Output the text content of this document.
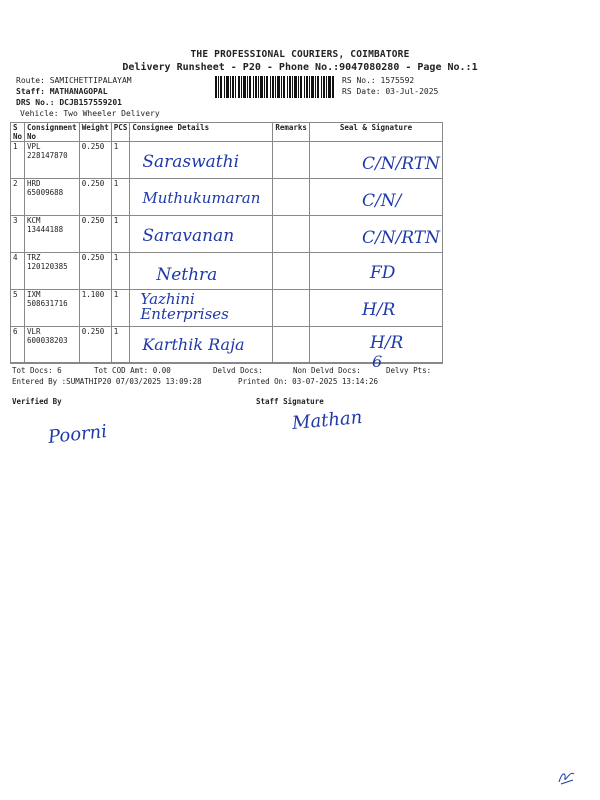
THE PROFESSIONAL COURIERS, COIMBATORE
Delivery Runsheet - P20 - Phone No.:9047080280 - Page No.:1
Route: SAMICHETTIPALAYAM
Staff: MATHANAGOPAL
DRS No.: DCJB157559201
Vehicle: Two Wheeler Delivery
RS No.: 1575592
RS Date: 03-Jul-2025
S No	Consignment No	Weight	PCS	Consignee Details	Remarks	Seal & Signature
1	VPL 228147870	0.250	1	Saraswathi		C/N/RTN

2	HRD 65009688	0.250	1	Muthukumaran		C/N/

3	KCM 13444188	0.250	1	Saravanan		C/N/RTN

4	TRZ 120120385	0.250	1	Nethra		FD

5	IXM 508631716	1.100	1	Yazhini Enterprises		H/R

6	VLR 600038203	0.250	1	Karthik Raja		H/R
Tot Docs: 6	Tot COD Amt: 0.00	Delvd Docs:	Non Delvd Docs: 6 Delvy Pts:
Entered By :SUMATHIP20 07/03/2025 13:09:28	Printed On: 03-07-2025 13:14:26
Verified By	Staff Signature
Poorni
Mathan
